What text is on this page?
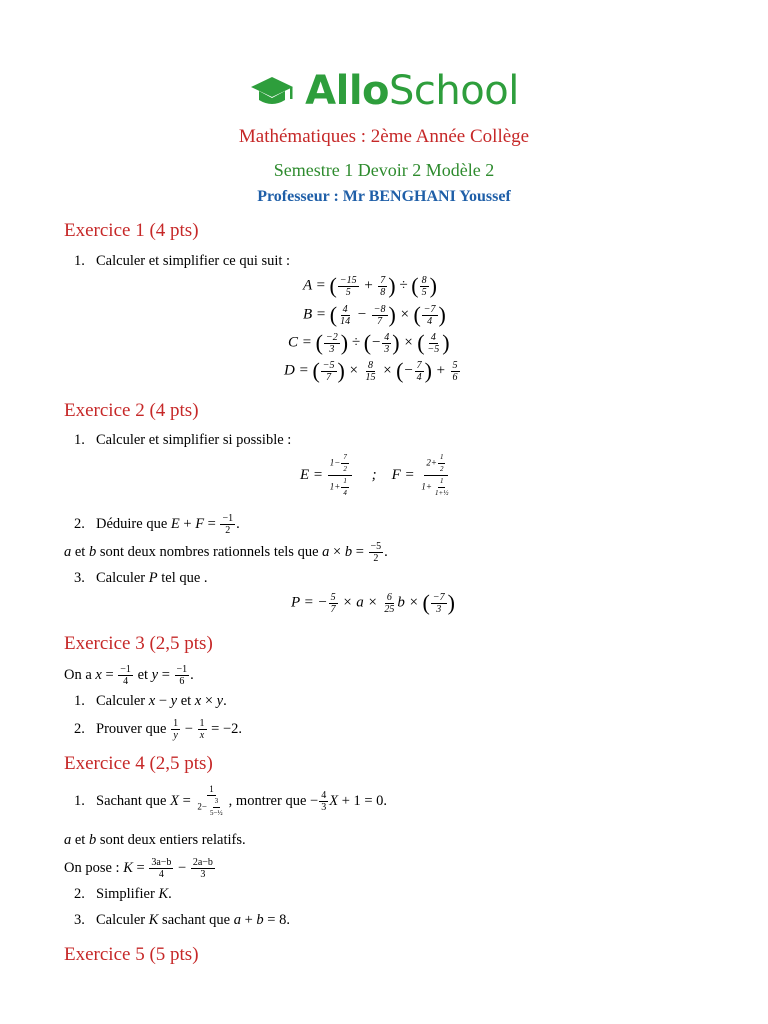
AlloSchool
Mathématiques : 2ème Année Collège
Semestre 1 Devoir 2 Modèle 2
Professeur : Mr BENGHANI Youssef
Exercice 1 (4 pts)
1. Calculer et simplifier ce qui suit :
A = ( $\frac{-15}{5} + \frac{7}{8}$ ) ÷ ( $\frac{8}{5}$ )
B = ( $\frac{4}{14} - \frac{-8}{7}$ ) × ( $\frac{-7}{4}$ )
C = ( $\frac{-2}{3}$ ) ÷ (− $\frac{4}{3}$ ) × ( $\frac{4}{-5}$ )
D = ( $\frac{-5}{7}$ ) × $\frac{8}{15}$ × (− $\frac{7}{4}$ ) + $\frac{5}{6}$
Exercice 2 (4 pts)
1. Calculer et simplifier si possible :
$E = \frac{1- \frac{7}{2}}{1+ \frac{1}{4}}$ ;    $F = \frac{2+ \frac{1}{2}}{1+ \frac{1}{\text{1+½}}}$
2. Déduire que $E + F = \frac{-1}{2}$ .
a et b sont deux nombres rationnels tels que $a \times b = \frac{-5}{2}$ .
3. Calculer P tel que .
P = − $\frac{5}{7} \times a \times \frac{6}{25}$ b × ( $\frac{-7}{3}$ )
Exercice 3 (2,5 pts)
On a $x = \frac{-1}{4}$ et $y = \frac{-1}{6}$ .
1. Calculer x − y et x × y.
2. Prouver que $\frac{1}{y} - \frac{1}{x} = -2$.
Exercice 4 (2,5 pts)
1. Sachant que $X = \frac{1}{2- \frac{3}{\text{5−½}}}$ , montrer que − $\frac{4}{3}$ X + 1 = 0.
a et b sont deux entiers relatifs.
On pose : $K = \frac{3a-b}{4} - \frac{2a-b}{3}$
2. Simplifier K.
3. Calculer K sachant que a + b = 8.
Exercice 5 (5 pts)
